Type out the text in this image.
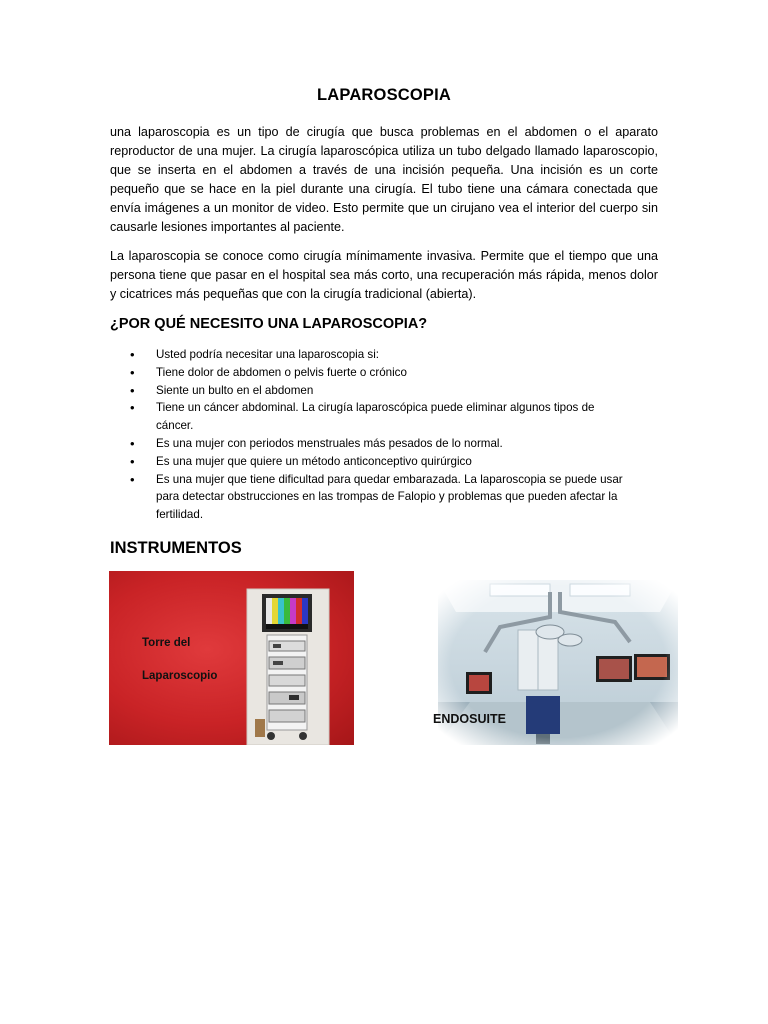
LAPAROSCOPIA

una laparoscopia es un tipo de cirugía que busca problemas en el abdomen o el aparato reproductor de una mujer. La cirugía laparoscópica utiliza un tubo delgado llamado laparoscopio, que se inserta en el abdomen a través de una incisión pequeña. Una incisión es un corte pequeño que se hace en la piel durante una cirugía. El tubo tiene una cámara conectada que envía imágenes a un monitor de video. Esto permite que un cirujano vea el interior del cuerpo sin causarle lesiones importantes al paciente.

La laparoscopia se conoce como cirugía mínimamente invasiva. Permite que el tiempo que una persona tiene que pasar en el hospital sea más corto, una recuperación más rápida, menos dolor y cicatrices más pequeñas que con la cirugía tradicional (abierta).

¿POR QUÉ NECESITO UNA LAPAROSCOPIA?
• Usted podría necesitar una laparoscopia si:
• Tiene dolor de abdomen o pelvis fuerte o crónico
• Siente un bulto en el abdomen
• Tiene un cáncer abdominal. La cirugía laparoscópica puede eliminar algunos tipos de cáncer.
• Es una mujer con periodos menstruales más pesados de lo normal.
• Es una mujer que quiere un método anticonceptivo quirúrgico
• Es una mujer que tiene dificultad para quedar embarazada. La laparoscopia se puede usar para detectar obstrucciones en las trompas de Falopio y problemas que pueden afectar la fertilidad.
INSTRUMENTOS
Torre del
Laparoscopio
ENDOSUITE
